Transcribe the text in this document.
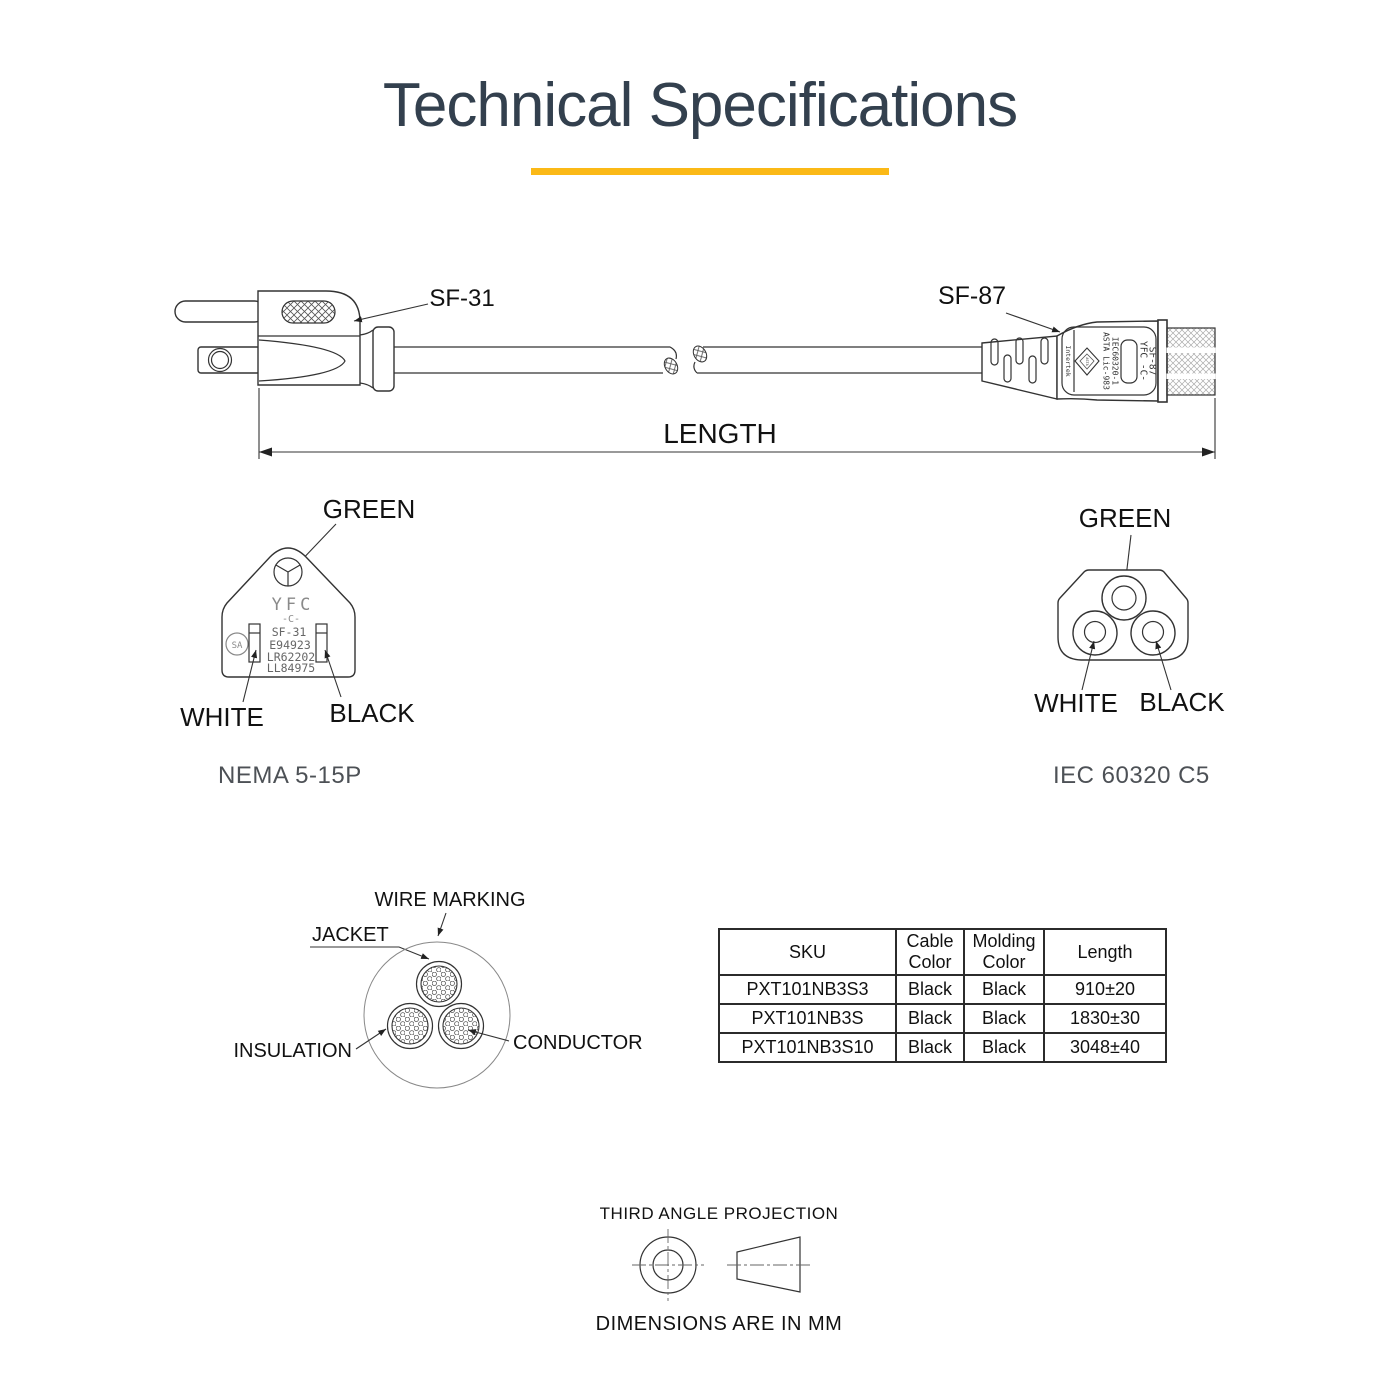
Technical Specifications
Intertek	ASTA ASTA Lic-983 IEC60320-1 YFC -C-
SF-87
SF-31	SF-87
LENGTH
GREEN
YFC
-C-
SF-31
E94923
LR62202
LL84975
SA
WHITE	BLACK
GREEN
WHITE BLACK
WIRE MARKING
JACKET
INSULATION	CONDUCTOR
NEMA 5-15P	IEC 60320 C5
SKU	Cable Color	Molding Color	Length
PXT101NB3S3	Black	Black	910±20
PXT101NB3S	Black	Black	1830±30
PXT101NB3S10	Black	Black	3048±40
THIRD ANGLE PROJECTION
DIMENSIONS ARE IN MM
